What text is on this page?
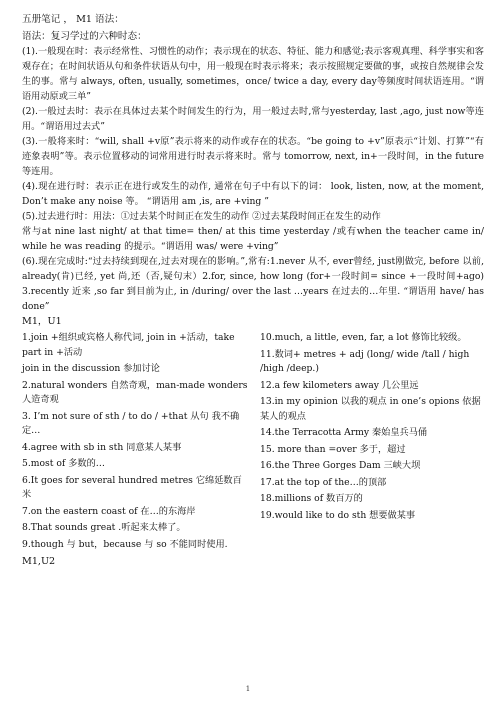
五册笔记 ， M1 语法：
语法：复习学过的六种时态：
(1).一般现在时：表示经常性、习惯性的动作；表示现在的状态、特征、能力和感觉;表示客观真理、科学事实和客观存在；在时间状语从句和条件状语从句中，用一般现在时表示将来；表示按照规定要做的事，或按自然规律会发生的事。常与 always, often, usually, sometimes，once/ twice a day, every day等频度时间状语连用。“谓语用动原或三单”
(2).一般过去时：表示在具体过去某个时间发生的行为，用一般过去时,常与yesterday, last ,ago, just now等连用。“谓语用过去式”
(3).一般将来时：“will, shall +v原”表示将来的动作或存在的状态。“be going to +v”原表示“计划、打算”“有迹象表明”等。表示位置移动的词常用进行时表示将来时。常与 tomorrow, next, in+一段时间，in the future 等连用。
(4).现在进行时：表示正在进行或发生的动作, 通常在句子中有以下的词： look, listen, now, at the moment, Don’t make any noise 等。 “谓语用 am ,is, are +ving ”
(5).过去进行时：用法：①过去某个时间正在发生的动作 ②过去某段时间正在发生的动作
常与at nine last night/ at that time= then/ at this time yesterday /或有when the teacher came in/ while he was reading 的提示。“谓语用 was/ were +ving”
(6).现在完成时:“过去持续到现在,过去对现在的影响。”,常有:1.never 从不, ever曾经, just刚做完, before 以前, already(肯)已经, yet 尚,还（否,疑句末）2.for, since, how long (for+一段时间= since +一段时间+ago) 3.recently 近来 ,so far 到目前为止, in /during/ over the last …years 在过去的…年里. “谓语用 have/ has done”
M1，U1
1.join +组织或宾格人称代词, join in +活动，take part in +活动
join in the discussion 参加讨论
2.natural wonders 自然奇观，man-made wonders 人造奇观
3. I’m not sure of sth / to do / +that 从句 我不确定…
4.agree with sb in sth 同意某人某事
5.most of 多数的…
6.It goes for several hundred metres 它绵延数百米
7.on the eastern coast of 在…的东海岸
8.That sounds great .听起来太棒了。
9.though 与 but，because 与 so 不能同时使用.
M1,U2
10.much, a little, even, far, a lot 修饰比较级。
11.数词+ metres + adj (long/ wide /tall / high /high /deep.)
12.a few kilometers away 几公里远
13.in my opinion 以我的观点 in one’s opions 依据某人的观点
14.the Terracotta Army 秦始皇兵马俑
15. more than =over 多于，超过
16.the Three Gorges Dam 三峡大坝
17.at the top of the…的顶部
18.millions of 数百万的
19.would like to do sth 想要做某事
1
